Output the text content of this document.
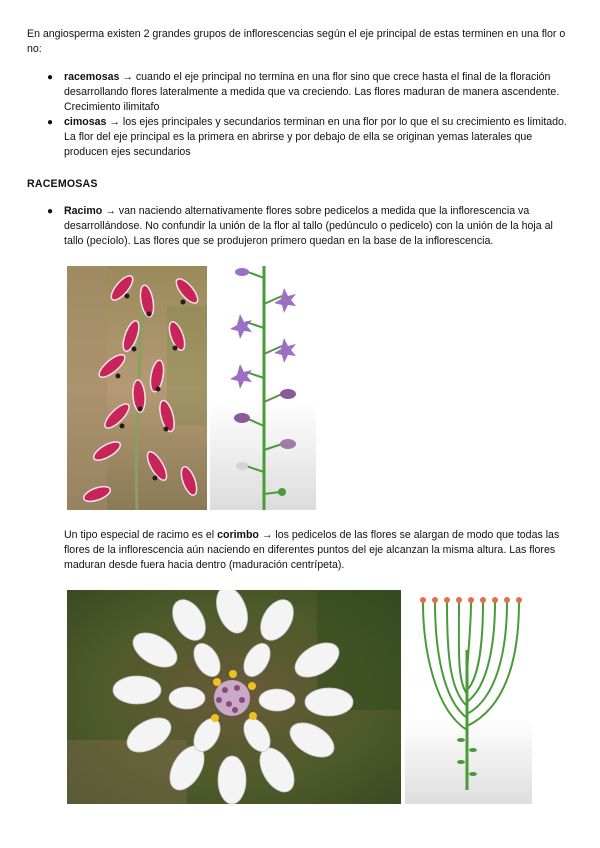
En angiosperma existen 2 grandes grupos de inflorescencias según el eje principal de estas terminen en una flor o no:

● racemosas → cuando el eje principal no termina en una flor sino que crece hasta el final de la floración desarrollando flores lateralmente a medida que va creciendo. Las flores maduran de manera ascendente. Crecimiento ilimitafo
● cimosas → los ejes principales y secundarios terminan en una flor por lo que el su crecimiento es limitado. La flor del eje principal es la primera en abrirse y por debajo de ella se originan yemas laterales que producen ejes secundarios
RACEMOSAS
● Racimo → van naciendo alternativamente flores sobre pedicelos a medida que la inflorescencia va desarrollándose. No confundir la unión de la flor al tallo (pedúnculo o pedicelo) con la unión de la hoja al tallo (pecíolo). Las flores que se produjeron primero quedan en la base de la inflorescencia.

Un tipo especial de racimo es el corimbo → los pedicelos de las flores se alargan de modo que todas las flores de la inflorescencia aún naciendo en diferentes puntos del eje alcanzan la misma altura. Las flores maduran desde fuera hacia dentro (maduración centrípeta).
